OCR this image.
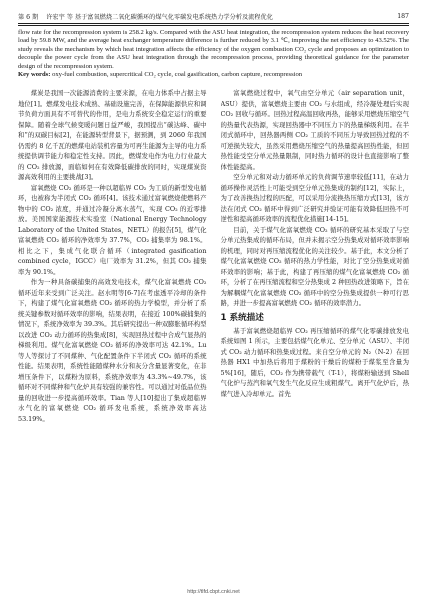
第 6 期	许宏宇 等 基于富氧燃烧二氧化碳循环的煤气化零碳发电系统热力学分析及流程优化	187

flow rate for the recompression system is 258.2 kg/s. Compared with the ASU heat integration, the recompression system reduces the heat recovery load by 59.8 MW, and the average heat exchanger temperature difference is further reduced by 3.1 ℃, improving the net efficiency to 43.52%. The study reveals the mechanism by which heat integration affects the efficiency of the oxygen combustion CO₂ cycle and proposes an optimization to decouple the power cycle from the ASU heat integration through the recompression process, providing theoretical guidance for the parameter design of the recompression system.

Key words: oxy-fuel combustion, supercritical CO₂ cycle, coal gasification, carbon capture, recompression

煤炭是我国一次能源消费的主要来源，在电力体系中占据主导地位[1]。燃煤发电技术成熟、基础设施完善，在保障能源供应和调节负荷方面具有不可替代的作用，是电力系统安全稳定运行的重要保障。随着全球气候变暖问题日益严峻，我国提出“碳达峰、碳中和”的双碳目标[2]，在能源转型背景下，据预测，到 2060 年我国仍需约 8 亿千瓦的燃煤电站装机容量为可再生能源为主导的电力系统提供调节能力和稳定性支持。因此，燃煤发电作为电力行业最大的 CO₂ 排放源，面临如何在有效降低碳排放的同时，实现煤炭资源高效利用的主要挑战[3]。

富氧燃烧 CO₂ 循环是一种以超临界 CO₂ 为工质的新型发电循环，也被称为半闭式 CO₂ 循环[4]。该技术通过富氧燃烧使燃料产物中的 CO₂ 浓度，并通过冷凝分离水蒸气，实现 CO₂ 的近零排放。美国国家能源技术实验室（National Energy Technology Laboratory of the United States，NETL）的报告[5]，煤气化富氧燃烧 CO₂ 循环的净效率为 37.7%，CO₂ 捕集率为 98.1%。相比之下，集成气化联合循环（integrated gasification combined cycle，IGCC）电厂效率为 31.2%，但其 CO₂ 捕集率为 90.1%。

作为一种具备碳捕集的高效发电技术，煤气化富氧燃烧 CO₂ 循环近年来受到广泛关注。赵水明等[6-7]在考虑透平冷却的条件下，构建了煤气化富氧燃烧 CO₂ 循环的热力学模型，并分析了系统关键参数对循环效率的影响，结果表明，在接近 100%碳捕集的情况下，系统净效率为 39.3%。其后研究提出一种双膨胀循环构型以改进 CO₂ 动力循环的热集成[8]，实现回热过程中合成气显热的梯级利用。煤气化富氧燃烧 CO₂ 循环的净效率可达 42.1%。Lu 等人等探讨了不同煤种、气化配置条件下半闭式 CO₂ 循环的系统性能。结果表明，系统性能随煤种水分和灰分含量显著变化，在非增压条件下，以煤粉为原料，系统净效率为 43.3%~49.7%，该循环对不同煤种和气化炉具有较强的兼容性。可以通过对低品位热量的回收进一步提高循环效率。Tian 等人[10]提出了集成超临界水气化的富氧燃烧 CO₂ 循环发电系统，系统净效率高达 53.19%。

富氧燃烧过程中，氧气由空分单元（air separation unit，ASU）提供，富氧燃烧主要由 CO₂ 与水组成，经冷凝处理后实现 CO₂ 回收与循环。回热过程高温回收再热，能够采用燃烧压缩空气的热量代表热源，实现回热器中不同压力下的热量梯级利用。在半闭式循环中，回热器两侧 CO₂ 工质的不同压力导致回热过程的不可逆损失较大，虽然采用燃烧压缩空气的热量提高回热性能，但回热性能受空分单元热量限制，同时热力循环的设计也直接影响了整体性能提高。

空分单元和对动力循环单元的负荷调节速率较低[11]，在动力循环操作灵活性上可能受到空分单元热集成的制约[12]，实际上，为了改善换热过程的匹配，可以采用分流换热压缩方式[13]，该方法在闭式 CO₂ 循环中得到广泛研究并验证可能有效降低回热不可逆性和提高循环效率的流程优化措施[14-15]。

目前，关于煤气化富氧燃烧 CO₂ 循环的研究基本采取了与空分单元热集成的循环布局，但并未揭示空分热集成对循环效率影响的机理，同时对再压缩流程优化的关注较少。基于此，本文分析了煤气化富氧燃烧 CO₂ 循环的热力学性能，对比了空分热集成对循环效率的影响；基于此，构建了再压缩的煤气化富氧燃烧 CO₂ 循环，分析了在再压缩流程和空分热集成 2 种回热改进策略下，旨在为解耦煤气化富氧燃烧 CO₂ 循环中的空分热集成提供一种可行思路，并进一步提高富氧燃烧 CO₂ 循环的效率潜力。

1 系统描述

基于富氧燃烧超临界 CO₂ 再压缩循环的煤气化零碳排放发电系统如图 1 所示，主要包括煤气化单元、空分单元（ASU）、半闭式 CO₂ 动力循环和热集成过程。来自空分单元的 N₂（N-2）在回热器 HX1 中加热后将用于煤粉的干燥后的煤粉于煤浆至含量为 5%[16]，随后，CO₂ 作为携带载气（T-1），将煤粉输送到 Shell 气化炉与蒸汽和氧气发生气化反应生成粗煤气。离开气化炉后，热煤气进入冷却单元。首先

http://tlfd.cbpt.cnki.net
